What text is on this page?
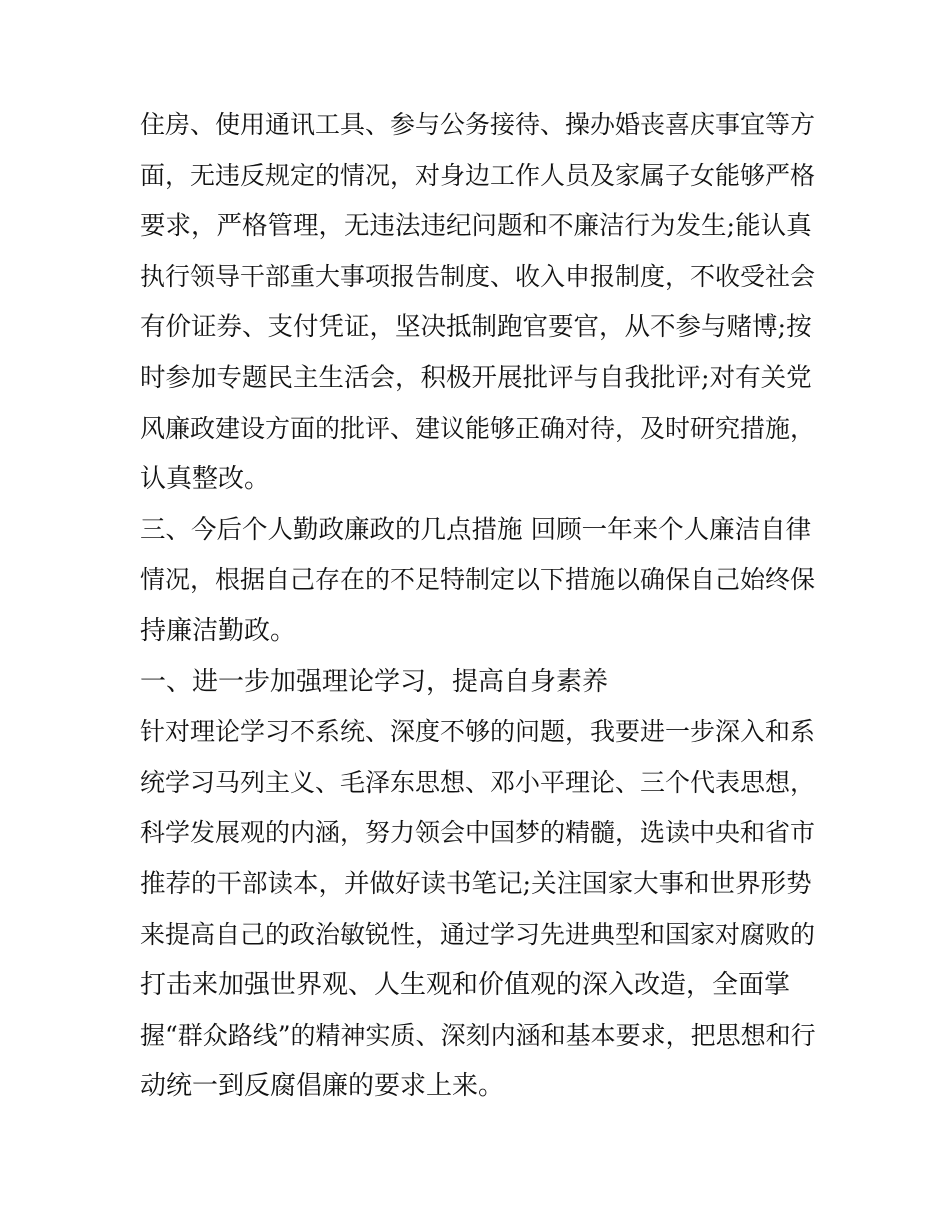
住房、使用通讯工具、参与公务接待、操办婚丧喜庆事宜等方
面，无违反规定的情况，对身边工作人员及家属子女能够严格
要求，严格管理，无违法违纪问题和不廉洁行为发生;能认真
执行领导干部重大事项报告制度、收入申报制度，不收受社会
有价证券、支付凭证，坚决抵制跑官要官，从不参与赌博;按
时参加专题民主生活会，积极开展批评与自我批评;对有关党
风廉政建设方面的批评、建议能够正确对待，及时研究措施，
认真整改。
三、今后个人勤政廉政的几点措施 回顾一年来个人廉洁自律
情况，根据自己存在的不足特制定以下措施以确保自己始终保
持廉洁勤政。
一、进一步加强理论学习，提高自身素养
针对理论学习不系统、深度不够的问题，我要进一步深入和系
统学习马列主义、毛泽东思想、邓小平理论、三个代表思想，
科学发展观的内涵，努力领会中国梦的精髓，选读中央和省市
推荐的干部读本，并做好读书笔记;关注国家大事和世界形势
来提高自己的政治敏锐性，通过学习先进典型和国家对腐败的
打击来加强世界观、人生观和价值观的深入改造，全面掌
握“群众路线”的精神实质、深刻内涵和基本要求，把思想和行
动统一到反腐倡廉的要求上来。
